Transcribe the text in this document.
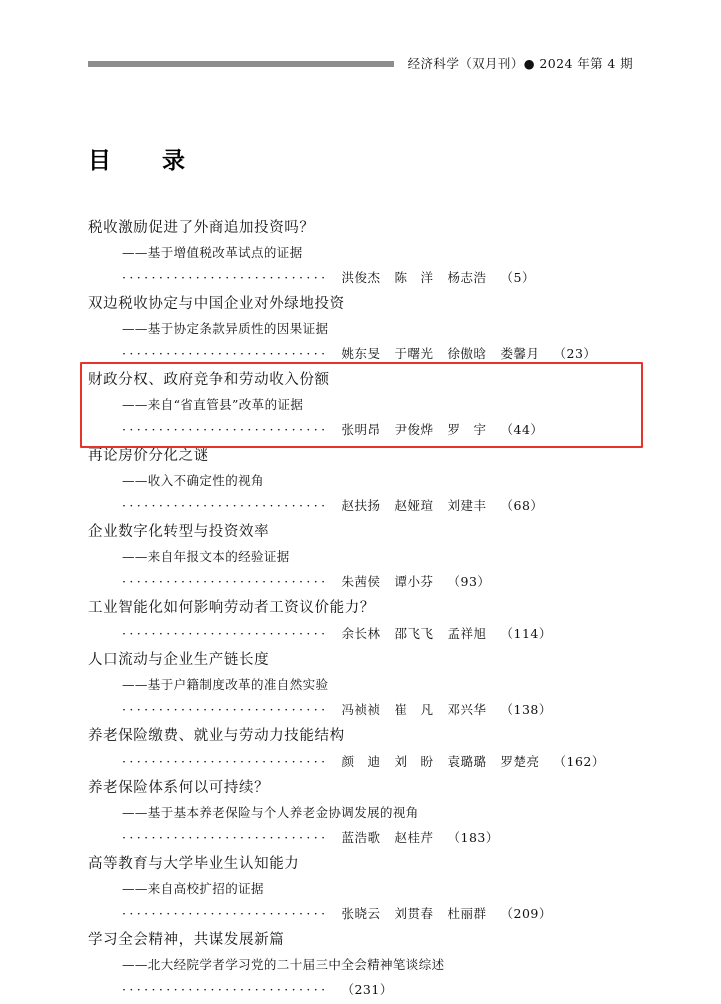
经济科学（双月刊）● 2024 年第 4 期
目　录
税收激励促进了外商追加投资吗？
——基于增值税改革试点的证据
····························  洪俊杰 陈　洋 杨志浩 （5）
双边税收协定与中国企业对外绿地投资
——基于协定条款异质性的因果证据
····························  姚东旻 于曙光 徐傲晗 娄馨月 （23）
财政分权、政府竞争和劳动收入份额
——来自“省直管县”改革的证据
····························  张明昂 尹俊烨 罗　宇 （44）
再论房价分化之谜
——收入不确定性的视角
····························  赵扶扬 赵娅瑄 刘建丰 （68）
企业数字化转型与投资效率
——来自年报文本的经验证据
····························  朱茜侯 谭小芬 （93）
工业智能化如何影响劳动者工资议价能力？
····························  余长林 邵飞飞 孟祥旭 （114）
人口流动与企业生产链长度
——基于户籍制度改革的准自然实验
····························  冯祯祯 崔　凡 邓兴华 （138）
养老保险缴费、就业与劳动力技能结构
····························  颜　迪 刘　盼 袁璐璐 罗楚亮 （162）
养老保险体系何以可持续？
——基于基本养老保险与个人养老金协调发展的视角
····························  蓝浩歌 赵桂芹 （183）
高等教育与大学毕业生认知能力
——来自高校扩招的证据
····························  张晓云 刘贯春 杜丽群 （209）
学习全会精神，共谋发展新篇
——北大经院学者学习党的二十届三中全会精神笔谈综述
····························  （231）
